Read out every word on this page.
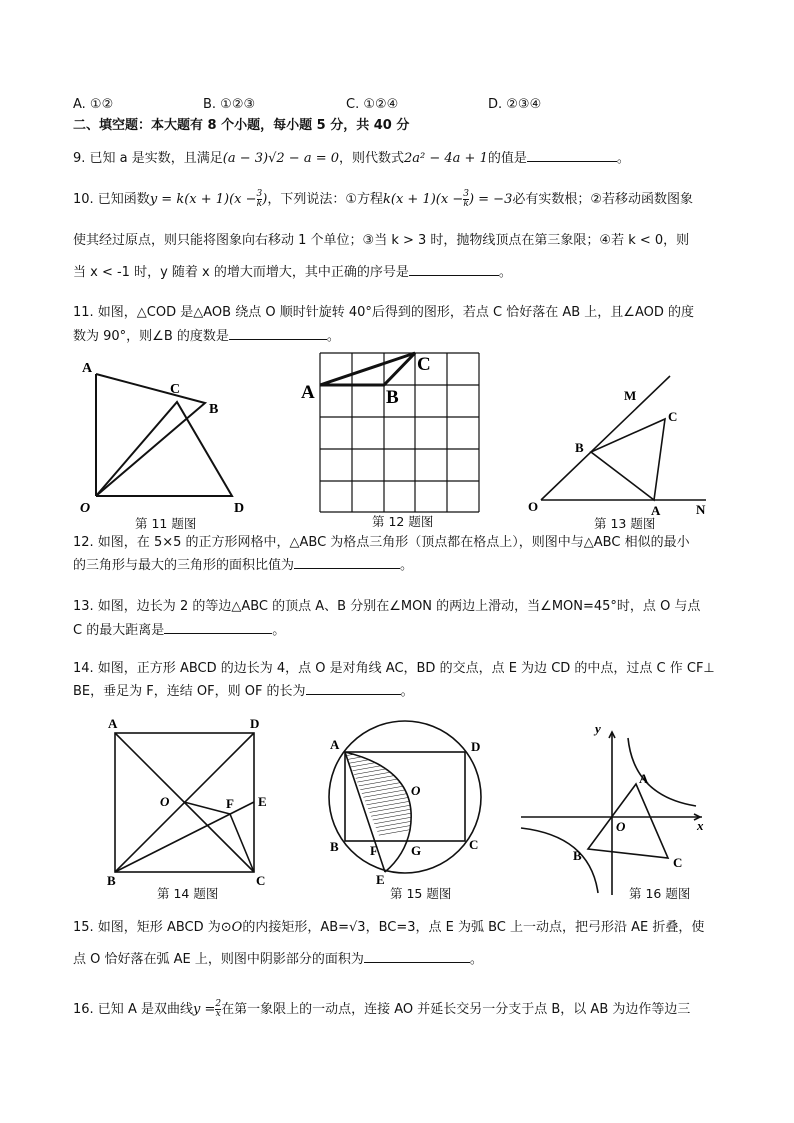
A. ①②	B. ①②③	C. ①②④	D. ②③④
二、填空题：本大题有 8 个小题，每小题 5 分，共 40 分
9. 已知 a 是实数，且满足(a − 3)√2 − a = 0，则代数式2a² − 4a + 1的值是	。
10. 已知函数$y = k(x + 1)(x - \frac{3}{k}$ )，下列说法：①方程$k(x + 1)(x - \frac{3}{k}$ ) = −3必有实数根；②若移动函数图象
使其经过原点，则只能将图象向右移动 1 个单位；③当 k > 3 时，抛物线顶点在第三象限；④若 k < 0，则
当 x < -1 时，y 随着 x 的增大而增大，其中正确的序号是	。
11. 如图，△COD 是△AOB 绕点 O 顺时针旋转 40°后得到的图形，若点 C 恰好落在 AB 上，且∠AOD 的度
数为 90°，则∠B 的度数是	。
A
C
B
O	D
第 11 题图
A	B
C
第 12 题图
M
C
B
O	A	N
第 13 题图
12. 如图，在 5×5 的正方形网格中，△ABC 为格点三角形（顶点都在格点上），则图中与△ABC 相似的最小
的三角形与最大的三角形的面积比值为	。
13. 如图，边长为 2 的等边△ABC 的顶点 A、B 分别在∠MON 的两边上滑动，当∠MON=45°时，点 O 与点
C 的最大距离是	。
14. 如图，正方形 ABCD 的边长为 4，点 O 是对角线 AC，BD 的交点，点 E 为边 CD 的中点，过点 C 作 CF⊥
BE，垂足为 F，连结 OF，则 OF 的长为	。
A	D
O	F E
B	C
第 14 题图
A	D
O
B F	G	C
E
第 15 题图
y
A
O	x
B	C
第 16 题图
15. 如图，矩形 ABCD 为⊙O的内接矩形，AB=√3，BC=3，点 E 为弧 BC 上一动点，把弓形沿 AE 折叠，使
点 O 恰好落在弧 AE 上，则图中阴影部分的面积为	。
16. 已知 A 是双曲线$y = \frac{2}{x}$ 在第一象限上的一动点，连接 AO 并延长交另一分支于点 B，以 AB 为边作等边三
